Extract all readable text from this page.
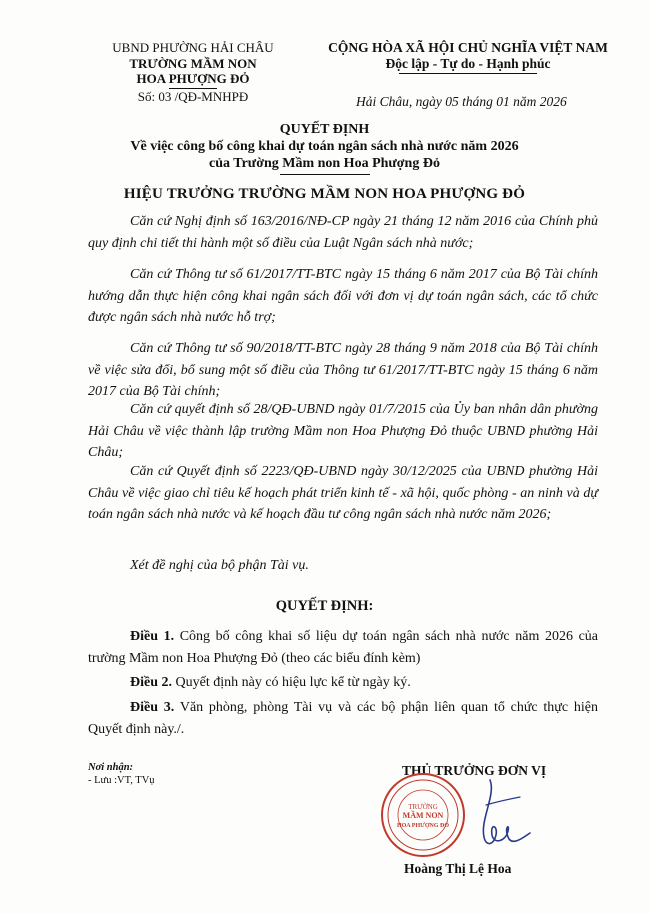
UBND PHƯỜNG HẢI CHÂU
TRƯỜNG MẦM NON
HOA PHƯỢNG ĐỎ
Số: 03 /QĐ-MNHPĐ
CỘNG HÒA XÃ HỘI CHỦ NGHĨA VIỆT NAM
Độc lập - Tự do - Hạnh phúc
Hải Châu, ngày 05 tháng 01 năm 2026
QUYẾT ĐỊNH
Về việc công bố công khai dự toán ngân sách nhà nước năm 2026
của Trường Mầm non Hoa Phượng Đỏ
HIỆU TRƯỞNG TRƯỜNG MẦM NON HOA PHƯỢNG ĐỎ
Căn cứ Nghị định số 163/2016/NĐ-CP ngày 21 tháng 12 năm 2016 của Chính phủ quy định chi tiết thi hành một số điều của Luật Ngân sách nhà nước;
Căn cứ Thông tư số 61/2017/TT-BTC ngày 15 tháng 6 năm 2017 của Bộ Tài chính hướng dẫn thực hiện công khai ngân sách đối với đơn vị dự toán ngân sách, các tổ chức được ngân sách nhà nước hỗ trợ;
Căn cứ Thông tư số 90/2018/TT-BTC ngày 28 tháng 9 năm 2018 của Bộ Tài chính về việc sửa đổi, bổ sung một số điều của Thông tư 61/2017/TT-BTC ngày 15 tháng 6 năm 2017 của Bộ Tài chính;
Căn cứ quyết định số 28/QĐ-UBND ngày 01/7/2015 của Ủy ban nhân dân phường Hải Châu về việc thành lập trường Mầm non Hoa Phượng Đỏ thuộc UBND phường Hải Châu;
Căn cứ Quyết định số 2223/QĐ-UBND ngày 30/12/2025 của UBND phường Hải Châu về việc giao chỉ tiêu kế hoạch phát triển kinh tế - xã hội, quốc phòng - an ninh và dự toán ngân sách nhà nước và kế hoạch đầu tư công ngân sách nhà nước năm 2026;
Xét đề nghị của bộ phận Tài vụ.
QUYẾT ĐỊNH:
Điều 1. Công bố công khai số liệu dự toán ngân sách nhà nước năm 2026 của trường Mầm non Hoa Phượng Đỏ (theo các biểu đính kèm)
Điều 2. Quyết định này có hiệu lực kể từ ngày ký.
Điều 3. Văn phòng, phòng Tài vụ và các bộ phận liên quan tổ chức thực hiện Quyết định này./.
Nơi nhận:
- Lưu :VT, TVụ
THỦ TRƯỞNG ĐƠN VỊ
TRƯỜNG
MẦM NON
HOA PHƯỢNG ĐỎ
Hoàng Thị Lệ Hoa
